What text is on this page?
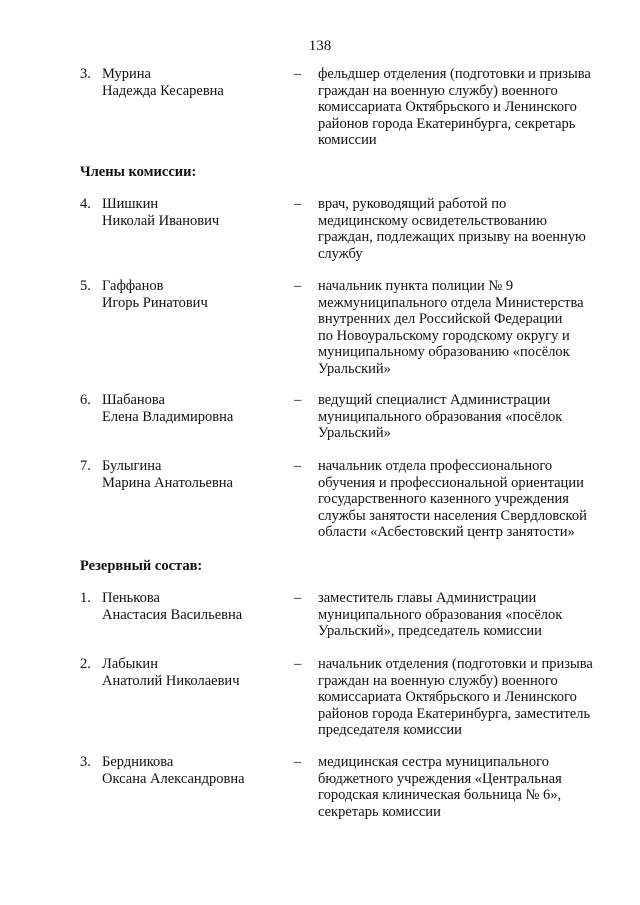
138
3. Мурина
Надежда Кесаревна
– фельдшер отделения (подготовки и призыва
граждан на военную службу) военного
комиссариата Октябрьского и Ленинского
районов города Екатеринбурга, секретарь
комиссии
Члены комиссии:
4. Шишкин
Николай Иванович
– врач, руководящий работой по
медицинскому освидетельствованию
граждан, подлежащих призыву на военную
службу
5. Гаффанов
Игорь Ринатович
– начальник пункта полиции № 9
межмуниципального отдела Министерства
внутренних дел Российской Федерации
по Новоуральскому городскому округу и
муниципальному образованию «посёлок
Уральский»
6. Шабанова
Елена Владимировна
– ведущий специалист Администрации
муниципального образования «посёлок
Уральский»
7. Булыгина
Марина Анатольевна
– начальник отдела профессионального
обучения и профессиональной ориентации
государственного казенного учреждения
службы занятости населения Свердловской
области «Асбестовский центр занятости»
Резервный состав:
1. Пенькова
Анастасия Васильевна
– заместитель главы Администрации
муниципального образования «посёлок
Уральский», председатель комиссии
2. Лабыкин
Анатолий Николаевич
– начальник отделения (подготовки и призыва
граждан на военную службу) военного
комиссариата Октябрьского и Ленинского
районов города Екатеринбурга, заместитель
председателя комиссии
3. Бердникова
Оксана Александровна
– медицинская сестра муниципального
бюджетного учреждения «Центральная
городская клиническая больница № 6»,
секретарь комиссии
